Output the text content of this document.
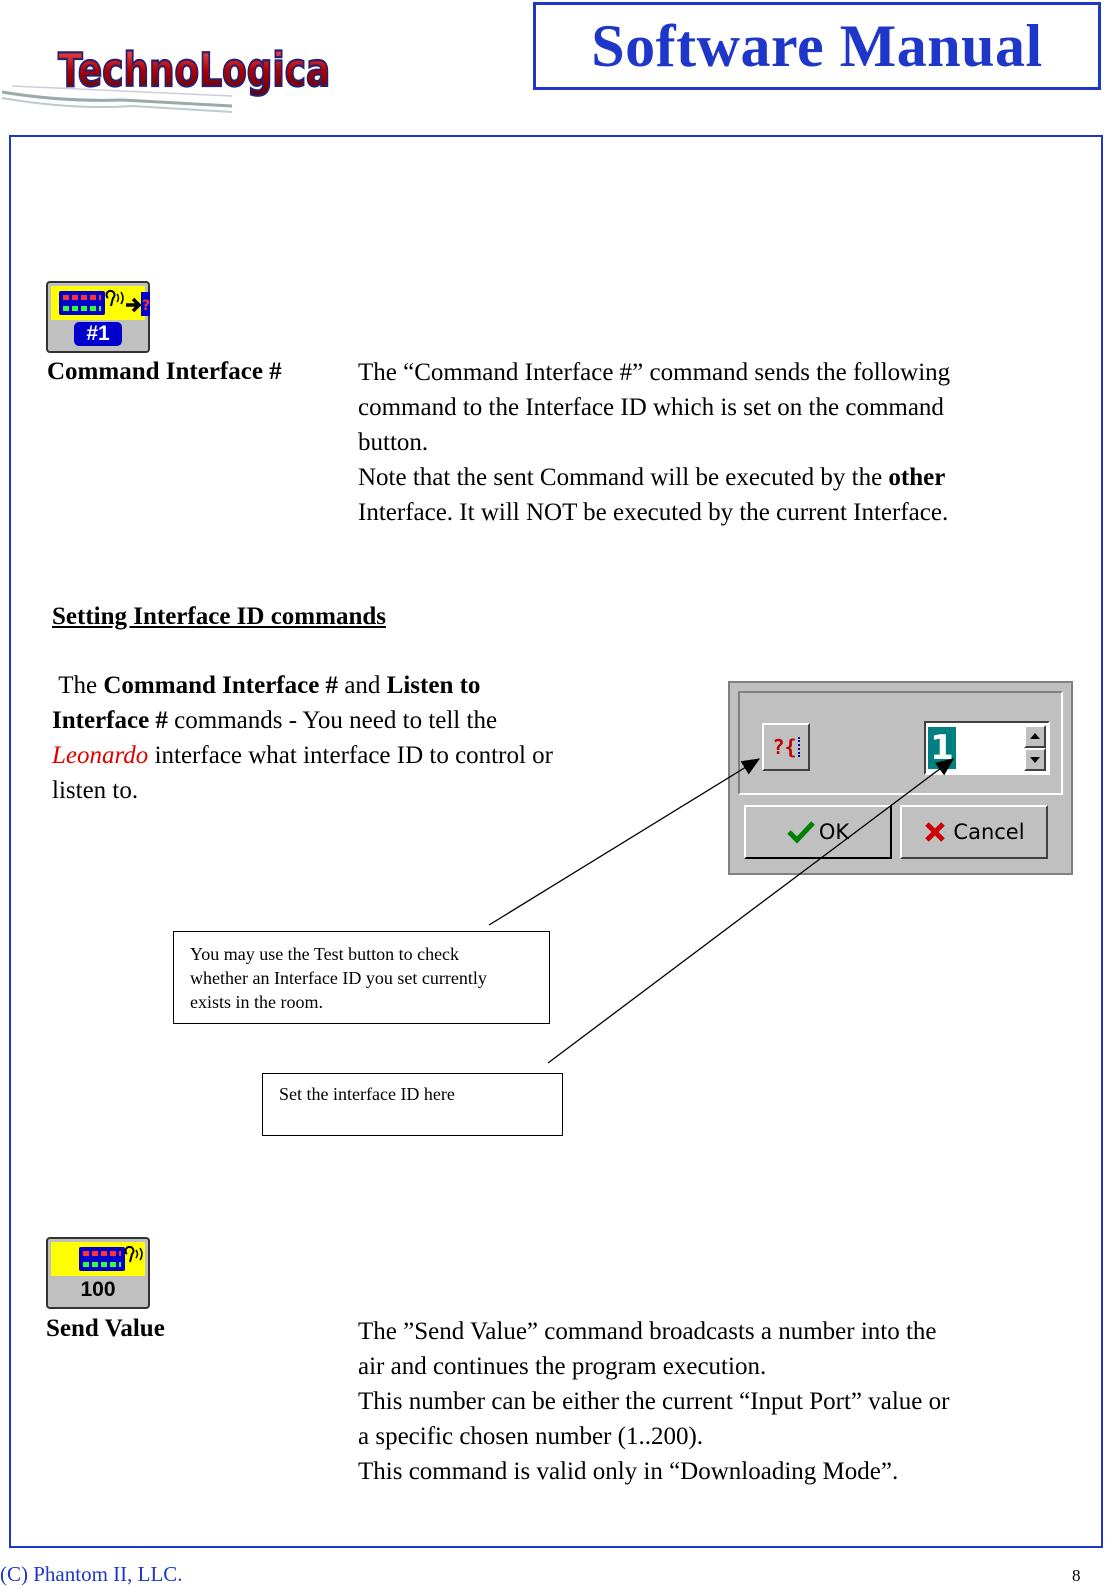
TechnoLogica	Software Manual
?
#1
Command Interface #	The “Command Interface #” command sends the following
command to the Interface ID which is set on the command
button.
Note that the sent Command will be executed by the other
Interface. It will NOT be executed by the current Interface.
Setting Interface ID commands
The Command Interface # and Listen to
Interface # commands - You need to tell the
Leonardo interface what interface ID to control or
listen to.
?{	1
OK	Cancel
You may use the Test button to check
whether an Interface ID you set currently
exists in the room.
Set the interface ID here
100
Send Value	The ”Send Value” command broadcasts a number into the
air and continues the program execution.
This number can be either the current “Input Port” value or
a specific chosen number (1..200).
This command is valid only in “Downloading Mode”.
(C) Phantom II, LLC.	8
